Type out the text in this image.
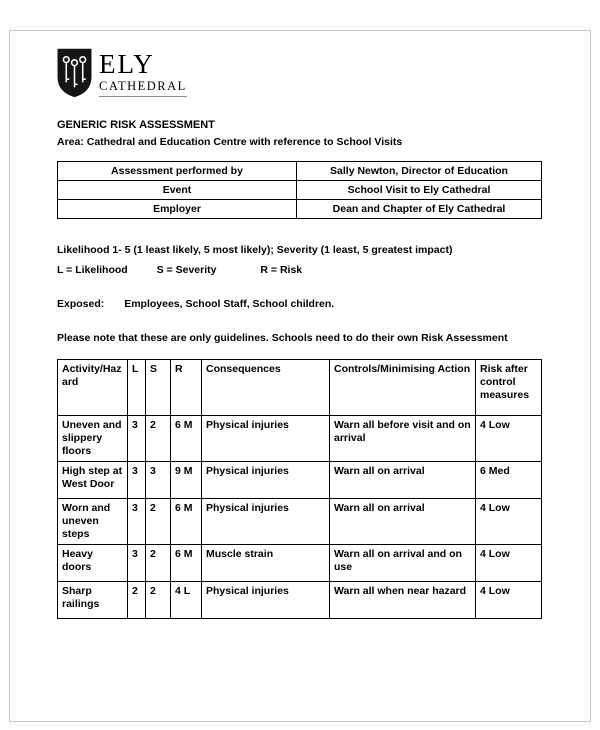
ELY
CATHEDRAL
GENERIC RISK ASSESSMENT
Area: Cathedral and Education Centre with reference to School Visits
Assessment performed by	Sally Newton, Director of Education
Event	School Visit to Ely Cathedral
Employer	Dean and Chapter of Ely Cathedral
Likelihood 1- 5 (1 least likely, 5 most likely); Severity (1 least, 5 greatest impact)
L = Likelihood	S = Severity	R = Risk
Exposed: Employees, School Staff, School children.
Please note that these are only guidelines. Schools need to do their own Risk Assessment
Activity/Hazard	L	S	R	Consequences	Controls/Minimising Action	Risk after control measures
Uneven and slippery floors	3	2	6 M	Physical injuries	Warn all before visit and on arrival	4 Low
High step at West Door	3	3	9 M	Physical injuries	Warn all on arrival	6 Med
Worn and uneven steps	3	2	6 M	Physical injuries	Warn all on arrival	4 Low
Heavy doors	3	2	6 M	Muscle strain	Warn all on arrival and on use	4 Low
Sharp railings	2	2	4 L	Physical injuries	Warn all when near hazard	4 Low
